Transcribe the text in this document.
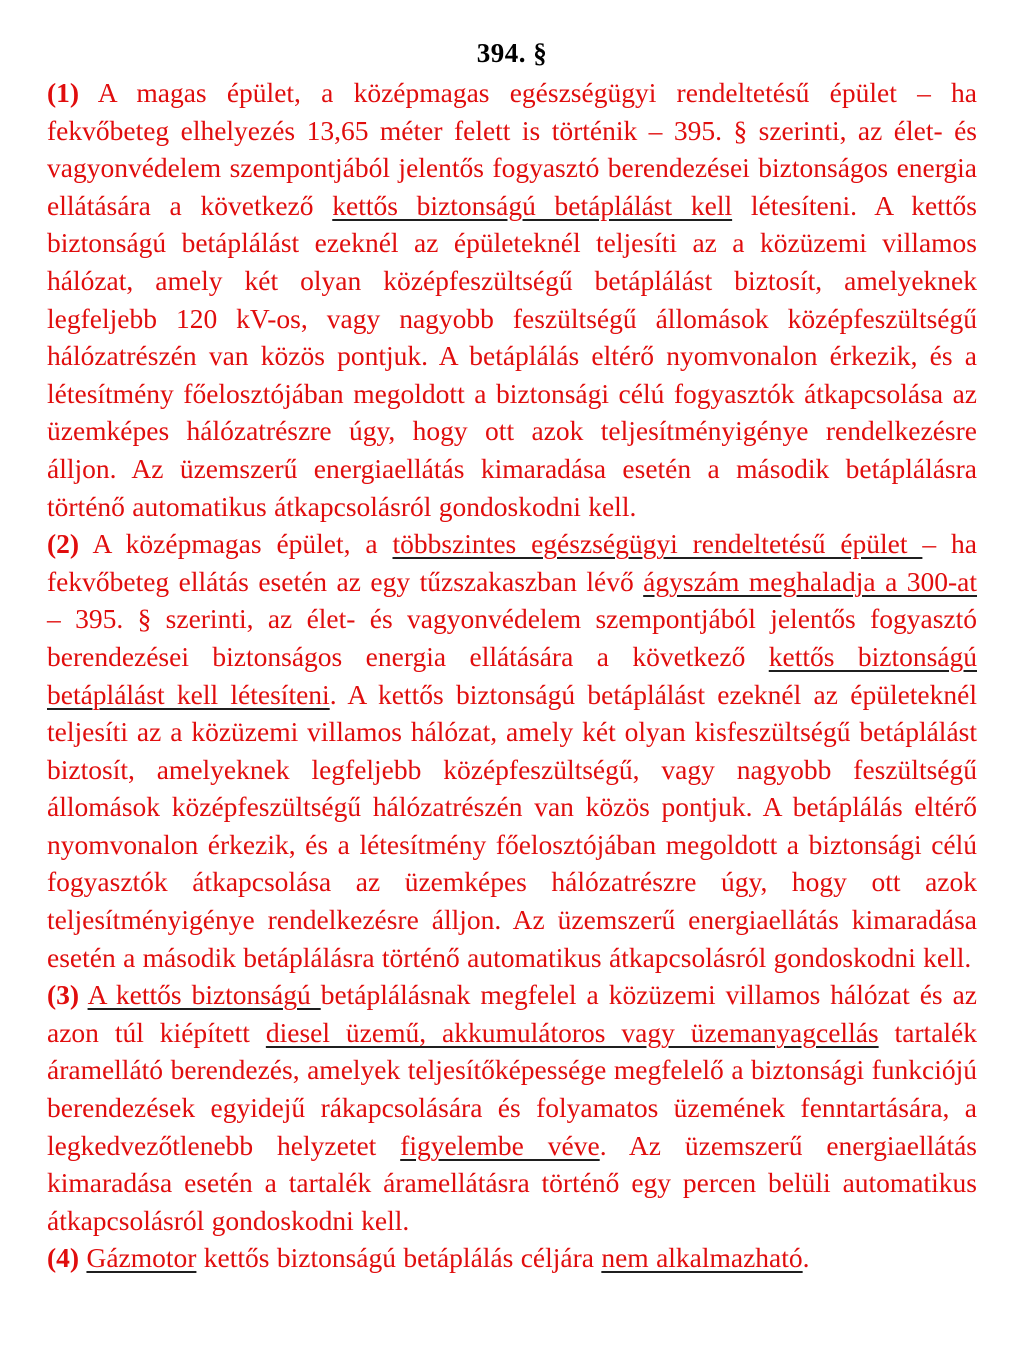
394. §

(1) A magas épület, a középmagas egészségügyi rendeltetésű épület – ha fekvőbeteg elhelyezés 13,65 méter felett is történik – 395. § szerinti, az élet- és vagyonvédelem szempontjából jelentős fogyasztó berendezései biztonságos energia ellátására a következő kettős biztonságú betáplálást kell létesíteni. A kettős biztonságú betáplálást ezeknél az épületeknél teljesíti az a közüzemi villamos hálózat, amely két olyan középfeszültségű betáplálást biztosít, amelyeknek legfeljebb 120 kV-os, vagy nagyobb feszültségű állomások középfeszültségű hálózatrészén van közös pontjuk. A betáplálás eltérő nyomvonalon érkezik, és a létesítmény főelosztójában megoldott a biztonsági célú fogyasztók átkapcsolása az üzemképes hálózatrészre úgy, hogy ott azok teljesítményigénye rendelkezésre álljon. Az üzemszerű energiaellátás kimaradása esetén a második betáplálásra történő automatikus átkapcsolásról gondoskodni kell.

(2) A középmagas épület, a többszintes egészségügyi rendeltetésű épület – ha fekvőbeteg ellátás esetén az egy tűzszakaszban lévő ágyszám meghaladja a 300-at – 395. § szerinti, az élet- és vagyonvédelem szempontjából jelentős fogyasztó berendezései biztonságos energia ellátására a következő kettős biztonságú betáplálást kell létesíteni. A kettős biztonságú betáplálást ezeknél az épületeknél teljesíti az a közüzemi villamos hálózat, amely két olyan kisfeszültségű betáplálást biztosít, amelyeknek legfeljebb középfeszültségű, vagy nagyobb feszültségű állomások középfeszültségű hálózatrészén van közös pontjuk. A betáplálás eltérő nyomvonalon érkezik, és a létesítmény főelosztójában megoldott a biztonsági célú fogyasztók átkapcsolása az üzemképes hálózatrészre úgy, hogy ott azok teljesítményigénye rendelkezésre álljon. Az üzemszerű energiaellátás kimaradása esetén a második betáplálásra történő automatikus átkapcsolásról gondoskodni kell.

(3) A kettős biztonságú betáplálásnak megfelel a közüzemi villamos hálózat és az azon túl kiépített diesel üzemű, akkumulátoros vagy üzemanyagcellás tartalék áramellátó berendezés, amelyek teljesítőképessége megfelelő a biztonsági funkciójú berendezések egyidejű rákapcsolására és folyamatos üzemének fenntartására, a legkedvezőtlenebb helyzetet figyelembe véve. Az üzemszerű energiaellátás kimaradása esetén a tartalék áramellátásra történő egy percen belüli automatikus átkapcsolásról gondoskodni kell.

(4) Gázmotor kettős biztonságú betáplálás céljára nem alkalmazható.
